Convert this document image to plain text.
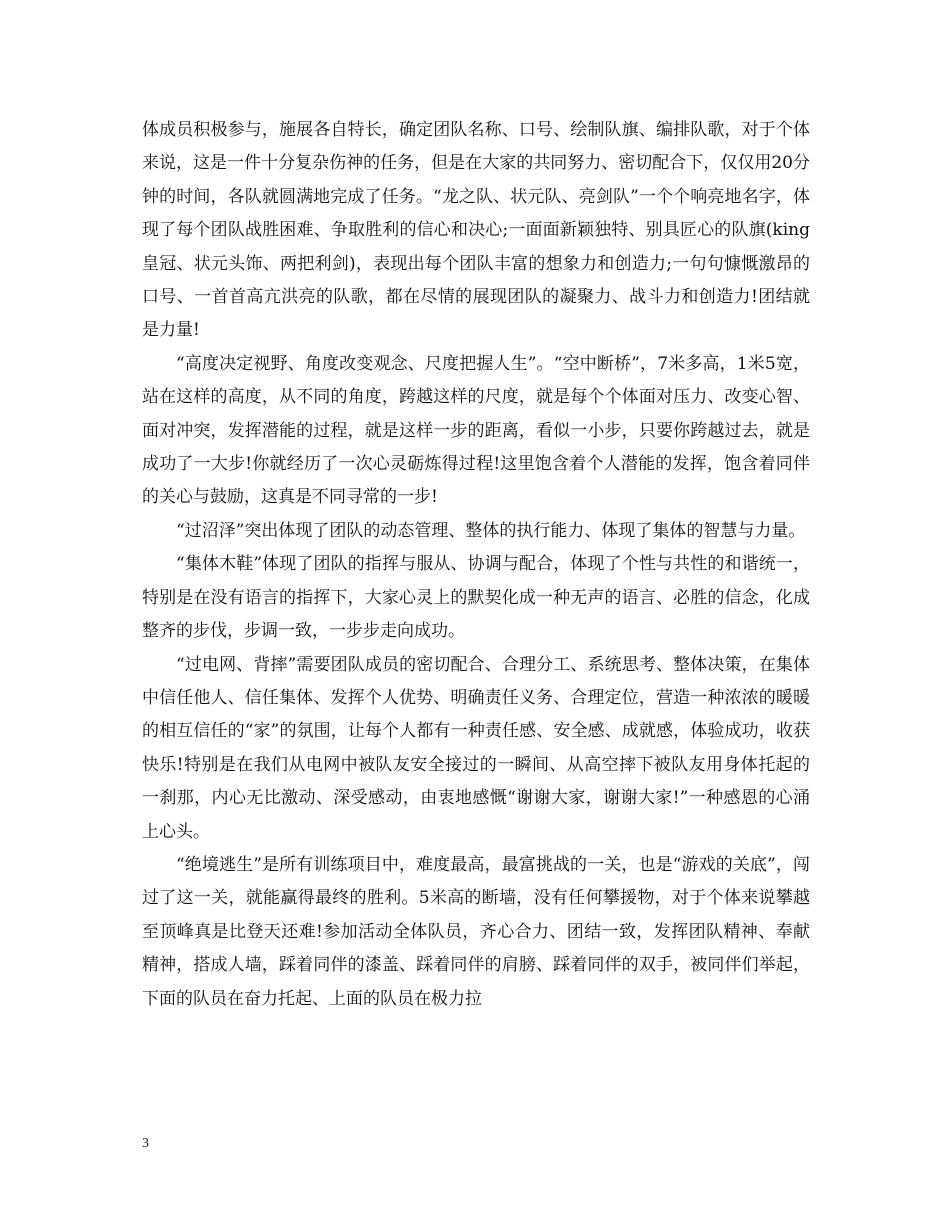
体成员积极参与，施展各自特长，确定团队名称、口号、绘制队旗、编排队歌，对于个体来说，这是一件十分复杂伤神的任务，但是在大家的共同努力、密切配合下，仅仅用20分钟的时间，各队就圆满地完成了任务。“龙之队、状元队、亮剑队”一个个响亮地名字，体现了每个团队战胜困难、争取胜利的信心和决心;一面面新颖独特、别具匠心的队旗(king皇冠、状元头饰、两把利剑)，表现出每个团队丰富的想象力和创造力;一句句慷慨激昂的口号、一首首高亢洪亮的队歌，都在尽情的展现团队的凝聚力、战斗力和创造力!团结就是力量!

“高度决定视野、角度改变观念、尺度把握人生”。“空中断桥”，7米多高，1米5宽，站在这样的高度，从不同的角度，跨越这样的尺度，就是每个个体面对压力、改变心智、面对冲突，发挥潜能的过程，就是这样一步的距离，看似一小步，只要你跨越过去，就是成功了一大步!你就经历了一次心灵砺炼得过程!这里饱含着个人潜能的发挥，饱含着同伴的关心与鼓励，这真是不同寻常的一步!

“过沼泽”突出体现了团队的动态管理、整体的执行能力、体现了集体的智慧与力量。

“集体木鞋”体现了团队的指挥与服从、协调与配合，体现了个性与共性的和谐统一，特别是在没有语言的指挥下，大家心灵上的默契化成一种无声的语言、必胜的信念，化成整齐的步伐，步调一致，一步步走向成功。

“过电网、背摔”需要团队成员的密切配合、合理分工、系统思考、整体决策，在集体中信任他人、信任集体、发挥个人优势、明确责任义务、合理定位，营造一种浓浓的暖暖的相互信任的“家”的氛围，让每个人都有一种责任感、安全感、成就感，体验成功，收获快乐!特别是在我们从电网中被队友安全接过的一瞬间、从高空摔下被队友用身体托起的一刹那，内心无比激动、深受感动，由衷地感慨“谢谢大家，谢谢大家!”一种感恩的心涌上心头。

“绝境逃生”是所有训练项目中，难度最高，最富挑战的一关，也是“游戏的关底”，闯过了这一关，就能赢得最终的胜利。5米高的断墙，没有任何攀援物，对于个体来说攀越至顶峰真是比登天还难!参加活动全体队员，齐心合力、团结一致，发挥团队精神、奉献精神，搭成人墙，踩着同伴的漆盖、踩着同伴的肩膀、踩着同伴的双手，被同伴们举起，下面的队员在奋力托起、上面的队员在极力拉

3
